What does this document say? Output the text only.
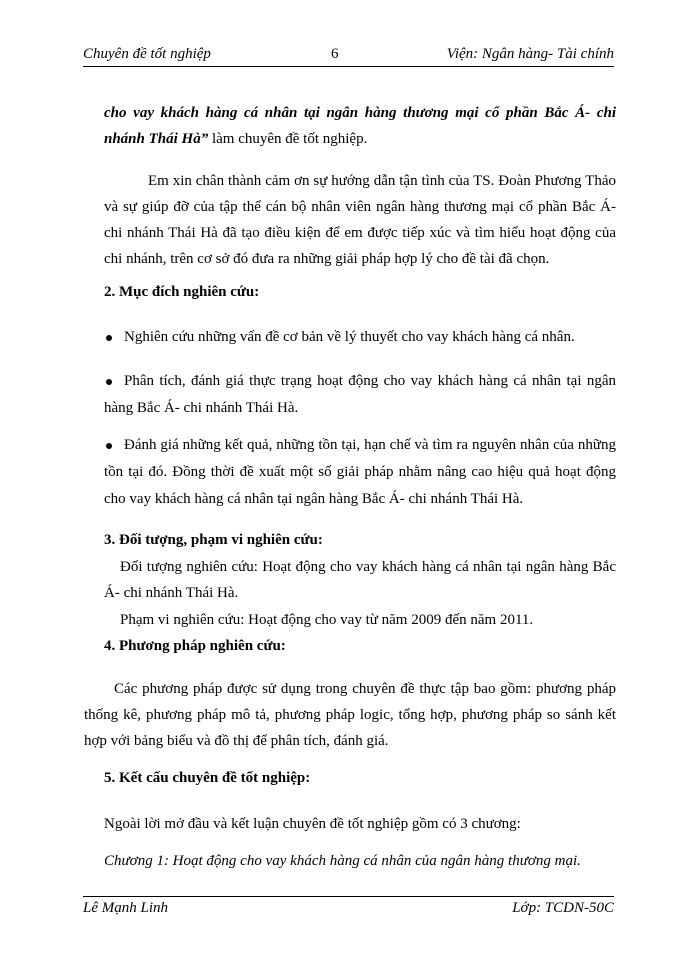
Chuyên đề tốt nghiệp	6	Viện: Ngân hàng- Tài chính
cho vay khách hàng cá nhân tại ngân hàng thương mại cổ phần Bắc Á- chi nhánh Thái Hà” làm chuyên đề tốt nghiệp.
Em xin chân thành cảm ơn sự hướng dẫn tận tình của TS. Đoàn Phương Thảo và sự giúp đỡ của tập thể cán bộ nhân viên ngân hàng thương mại cổ phần Bắc Á- chi nhánh Thái Hà đã tạo điều kiện để em được tiếp xúc và tìm hiểu hoạt động của chi nhánh, trên cơ sở đó đưa ra những giải pháp hợp lý cho đề tài đã chọn.
2. Mục đích nghiên cứu:
Nghiên cứu những vấn đề cơ bản về lý thuyết cho vay khách hàng cá nhân.
Phân tích, đánh giá thực trạng hoạt động cho vay khách hàng cá nhân tại ngân hàng Bắc Á- chi nhánh Thái Hà.
Đánh giá những kết quả, những tồn tại, hạn chế và tìm ra nguyên nhân của những tồn tại đó. Đồng thời đề xuất một số giải pháp nhằm nâng cao hiệu quả hoạt động cho vay khách hàng cá nhân tại ngân hàng Bắc Á- chi nhánh Thái Hà.
3. Đối tượng, phạm vi nghiên cứu:
Đối tượng nghiên cứu: Hoạt động cho vay khách hàng cá nhân tại ngân hàng Bắc Á- chi nhánh Thái Hà.
Phạm vi nghiên cứu: Hoạt động cho vay từ năm 2009 đến năm 2011.
4. Phương pháp nghiên cứu:
Các phương pháp được sử dụng trong chuyên đề thực tập bao gồm: phương pháp thống kê, phương pháp mô tả, phương pháp logic, tổng hợp, phương pháp so sánh kết hợp với bảng biểu và đồ thị để phân tích, đánh giá.
5. Kết cấu chuyên đề tốt nghiệp:
Ngoài lời mở đầu và kết luận chuyên đề tốt nghiệp gồm có 3 chương:
Chương 1: Hoạt động cho vay khách hàng cá nhân của ngân hàng thương mại.
Lê Mạnh Linh	Lớp: TCDN-50C
